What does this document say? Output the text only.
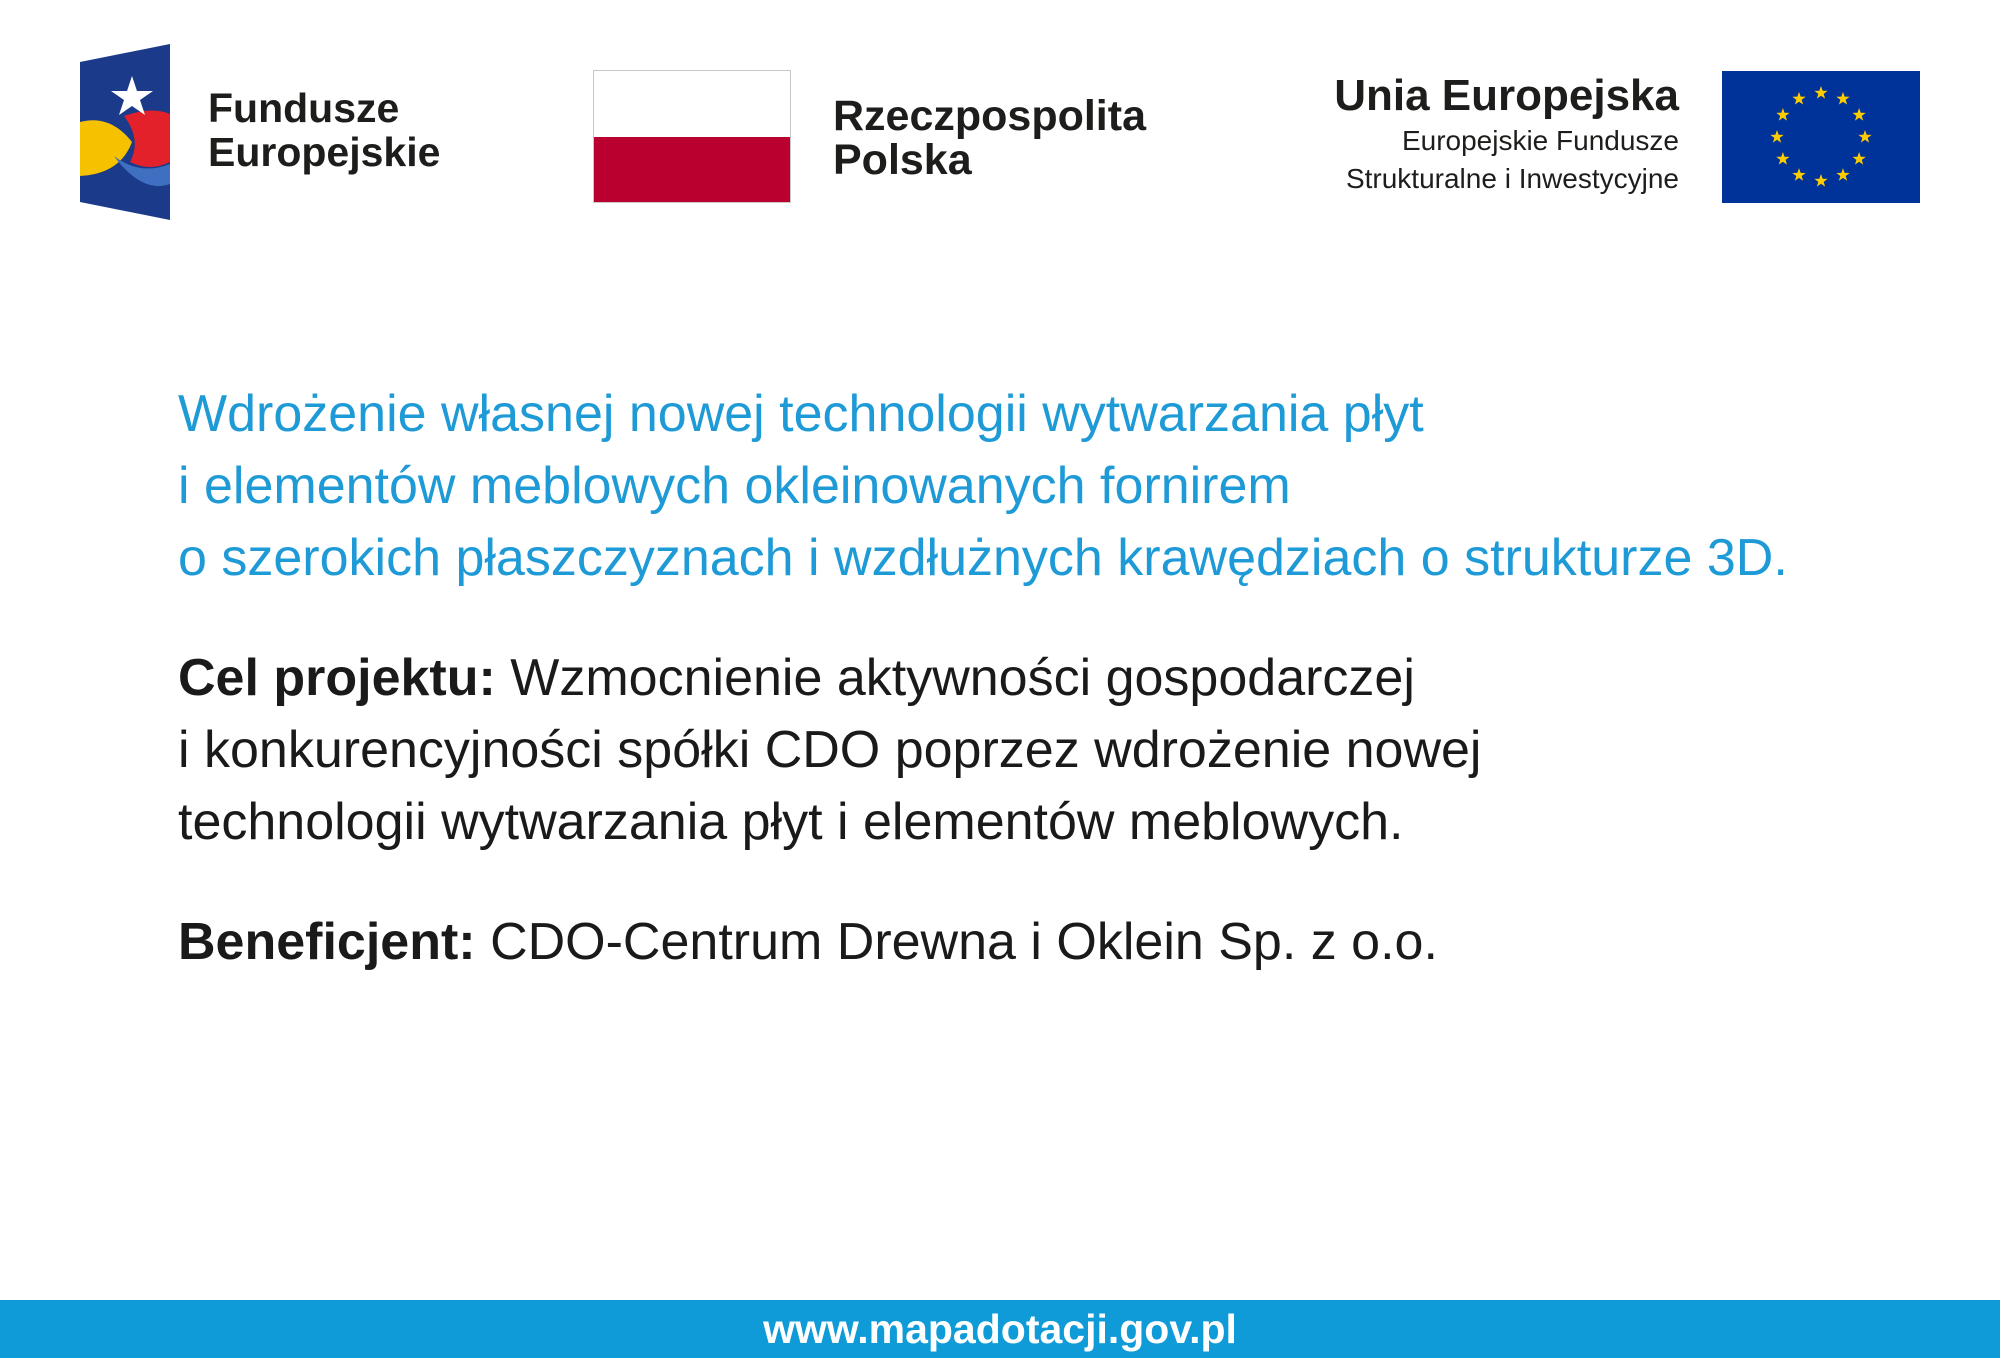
Fundusze
Europejskie
Rzeczpospolita
Polska
Unia Europejska
Europejskie Fundusze
Strukturalne i Inwestycyjne

Wdrożenie własnej nowej technologii wytwarzania płyt
i elementów meblowych okleinowanych fornirem
o szerokich płaszczyznach i wzdłużnych krawędziach o strukturze 3D.

Cel projektu: Wzmocnienie aktywności gospodarczej
i konkurencyjności spółki CDO poprzez wdrożenie nowej
technologii wytwarzania płyt i elementów meblowych.

Beneficjent: CDO-Centrum Drewna i Oklein Sp. z o.o.

www.mapadotacji.gov.pl
